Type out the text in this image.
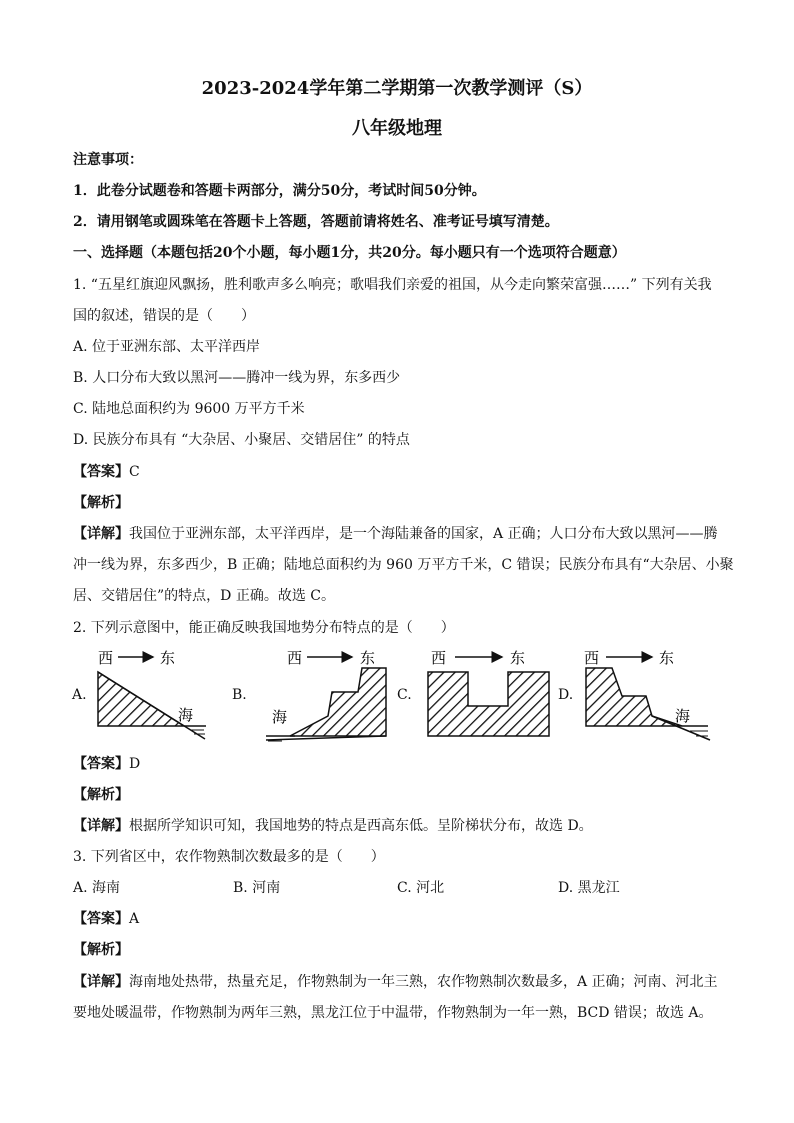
2023-2024学年第二学期第一次教学测评（S）
八年级地理
注意事项：
1．此卷分试题卷和答题卡两部分，满分50分，考试时间50分钟。
2．请用钢笔或圆珠笔在答题卡上答题，答题前请将姓名、准考证号填写清楚。
一、选择题（本题包括20个小题，每小题1分，共20分。每小题只有一个选项符合题意）
1. “五星红旗迎风飘扬，胜利歌声多么响亮；歌唱我们亲爱的祖国，从今走向繁荣富强……” 下列有关我
国的叙述，错误的是（　　）
A. 位于亚洲东部、太平洋西岸
B. 人口分布大致以黑河——腾冲一线为界，东多西少
C. 陆地总面积约为 9600 万平方千米
D. 民族分布具有 “大杂居、小聚居、交错居住” 的特点
【答案】C
【解析】
【详解】我国位于亚洲东部，太平洋西岸，是一个海陆兼备的国家，A 正确；人口分布大致以黑河——腾
冲一线为界，东多西少，B 正确；陆地总面积约为 960 万平方千米，C 错误；民族分布具有“大杂居、小聚
居、交错居住”的特点，D 正确。故选 C。
2. 下列示意图中，能正确反映我国地势分布特点的是（　　）
A.	B.	C.	D.
西	东
海
西	东
海
西	东	西	东
海
【答案】D
【解析】
【详解】根据所学知识可知，我国地势的特点是西高东低。呈阶梯状分布，故选 D。
3. 下列省区中，农作物熟制次数最多的是（　　）
A. 海南	B. 河南	C. 河北	D. 黑龙江
【答案】A
【解析】
【详解】海南地处热带，热量充足，作物熟制为一年三熟，农作物熟制次数最多，A 正确；河南、河北主
要地处暖温带，作物熟制为两年三熟，黑龙江位于中温带，作物熟制为一年一熟，BCD 错误；故选 A。
